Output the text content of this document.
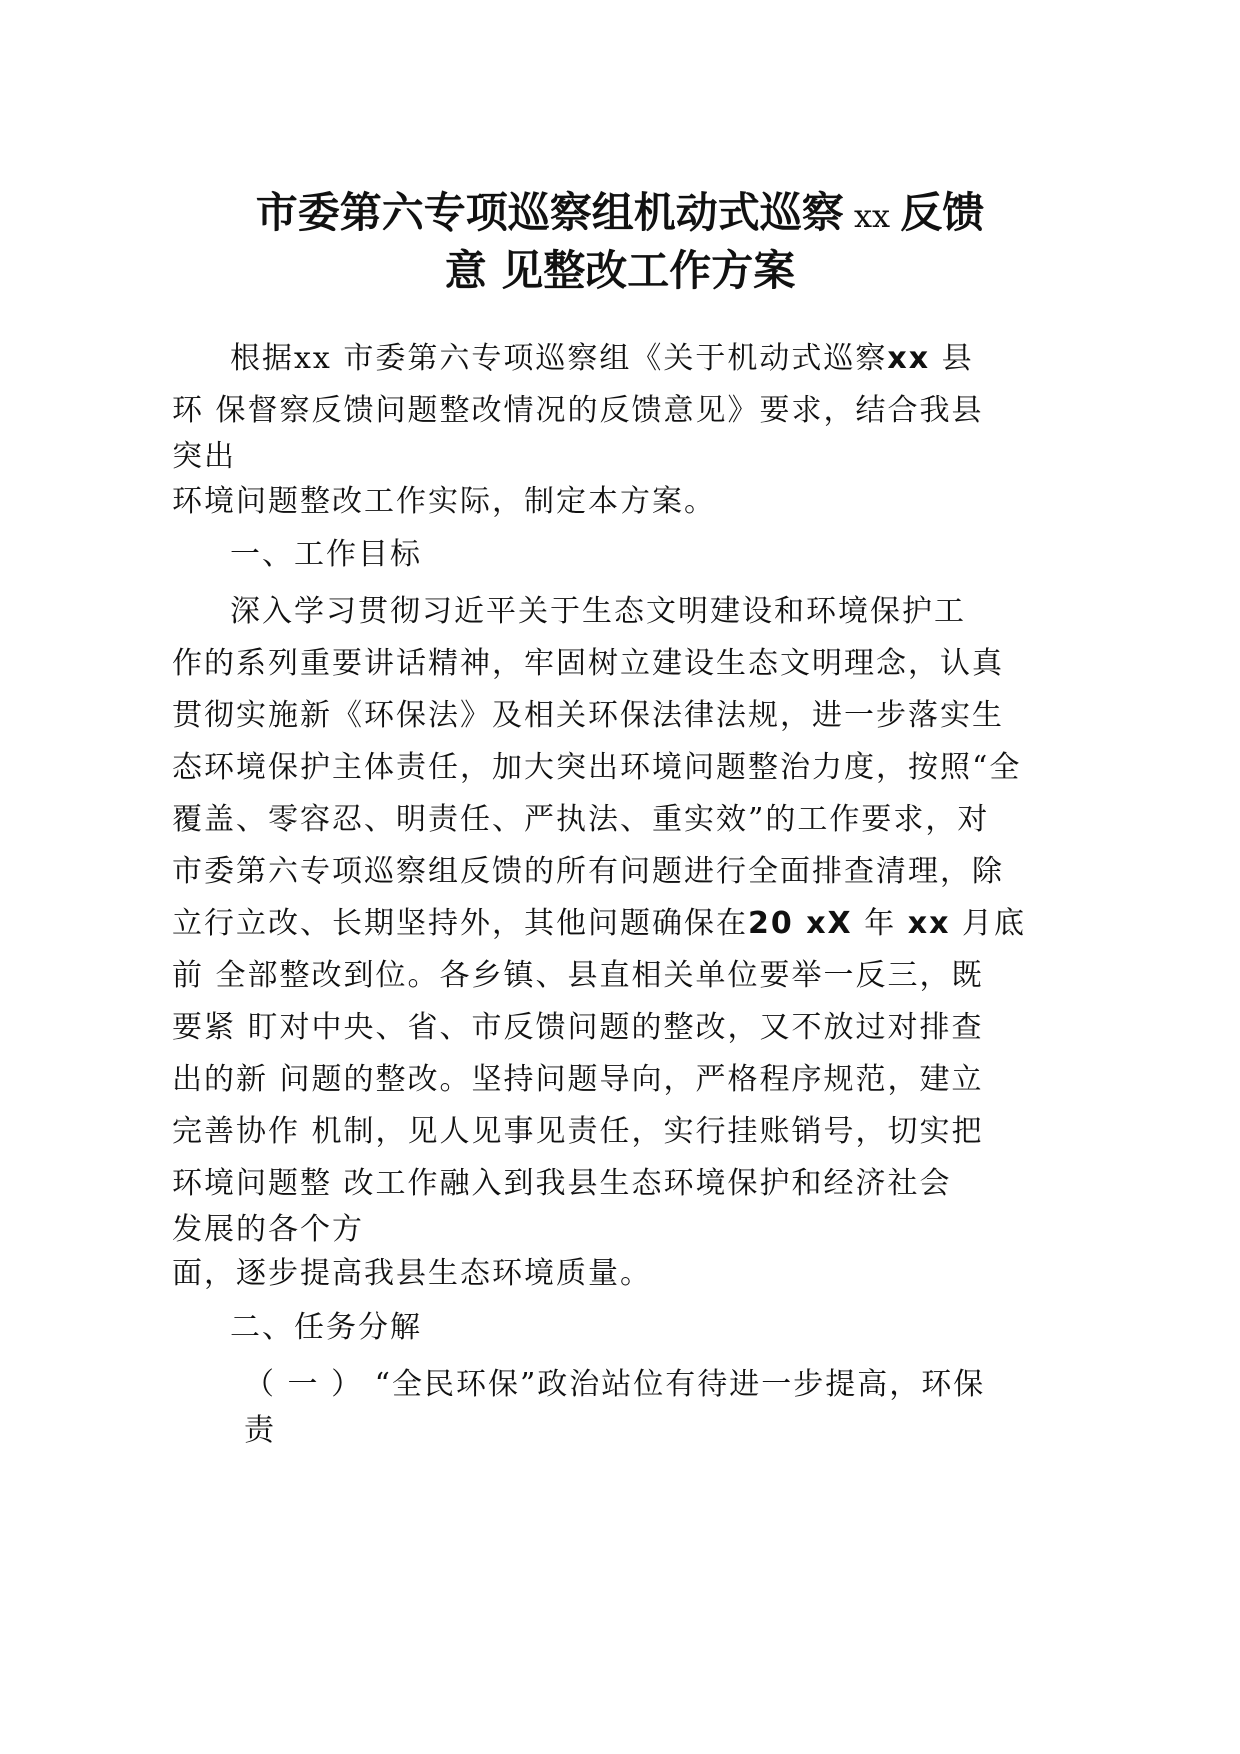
市委第六专项巡察组机动式巡察 xx 反馈
意 见整改工作方案
根据xx 市委第六专项巡察组《关于机动式巡察xx 县
环 保督察反馈问题整改情况的反馈意见》要求，结合我县
突出
环境问题整改工作实际，制定本方案。
一、工作目标
深入学习贯彻习近平关于生态文明建设和环境保护工
作的系列重要讲话精神，牢固树立建设生态文明理念，认真
贯彻实施新《环保法》及相关环保法律法规，进一步落实生
态环境保护主体责任，加大突出环境问题整治力度，按照“全
覆盖、零容忍、明责任、严执法、重实效”的工作要求，对
市委第六专项巡察组反馈的所有问题进行全面排查清理，除
立行立改、长期坚持外，其他问题确保在20 xX 年 xx 月底
前 全部整改到位。各乡镇、县直相关单位要举一反三，既
要紧 盯对中央、省、市反馈问题的整改，又不放过对排查
出的新 问题的整改。坚持问题导向，严格程序规范，建立
完善协作 机制，见人见事见责任，实行挂账销号，切实把
环境问题整 改工作融入到我县生态环境保护和经济社会
发展的各个方
面，逐步提高我县生态环境质量。
二、任务分解
（ 一 ） “全民环保”政治站位有待进一步提高，环保
责
